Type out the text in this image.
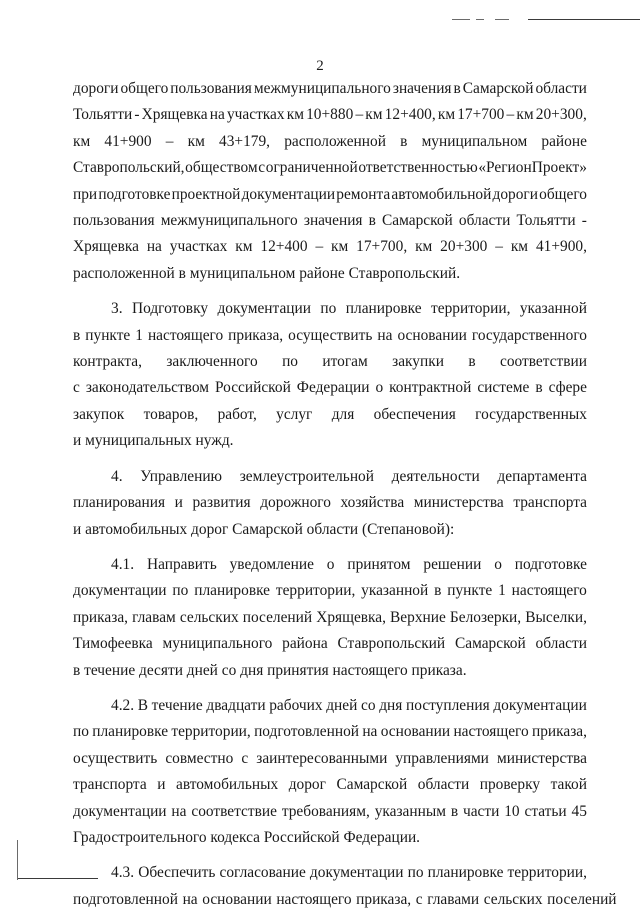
2
дороги общего пользования межмуниципального значения в Самарской области
Тольятти - Хрящевка на участках км 10+880 – км 12+400, км 17+700 – км 20+300,
км 41+900 – км 43+179, расположенной в муниципальном районе
Ставропольский, обществом с ограниченной ответственностью «РегионПроект»
при подготовке проектной документации ремонта автомобильной дороги общего
пользования межмуниципального значения в Самарской области Тольятти -
Хрящевка на участках км 12+400 – км 17+700, км 20+300 – км 41+900,
расположенной в муниципальном районе Ставропольский.
3. Подготовку документации по планировке территории, указанной
в пункте 1 настоящего приказа, осуществить на основании государственного
контракта, заключенного по итогам закупки в соответствии
с законодательством Российской Федерации о контрактной системе в сфере
закупок товаров, работ, услуг для обеспечения государственных
и муниципальных нужд.
4. Управлению землеустроительной деятельности департамента
планирования и развития дорожного хозяйства министерства транспорта
и автомобильных дорог Самарской области (Степановой):
4.1. Направить уведомление о принятом решении о подготовке
документации по планировке территории, указанной в пункте 1 настоящего
приказа, главам сельских поселений Хрящевка, Верхние Белозерки, Выселки,
Тимофеевка муниципального района Ставропольский Самарской области
в течение десяти дней со дня принятия настоящего приказа.
4.2. В течение двадцати рабочих дней со дня поступления документации
по планировке территории, подготовленной на основании настоящего приказа,
осуществить совместно с заинтересованными управлениями министерства
транспорта и автомобильных дорог Самарской области проверку такой
документации на соответствие требованиям, указанным в части 10 статьи 45
Градостроительного кодекса Российской Федерации.
4.3. Обеспечить согласование документации по планировке территории,
подготовленной на основании настоящего приказа, с главами сельских поселений
